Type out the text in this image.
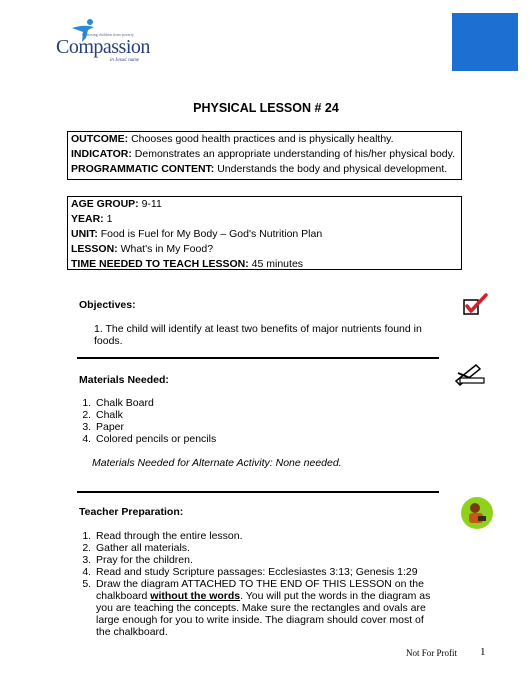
Releasing children from poverty
Compassion
in Jesus' name
PHYSICAL LESSON # 24
OUTCOME: Chooses good health practices and is physically healthy.
INDICATOR: Demonstrates an appropriate understanding of his/her physical body.
PROGRAMMATIC CONTENT: Understands the body and physical development.
AGE GROUP: 9-11
YEAR: 1
UNIT: Food is Fuel for My Body – God's Nutrition Plan
LESSON: What's in My Food?
TIME NEEDED TO TEACH LESSON: 45 minutes
Objectives:
1. The child will identify at least two benefits of major nutrients found in foods.
Materials Needed:
1. Chalk Board
2. Chalk
3. Paper
4. Colored pencils or pencils
Materials Needed for Alternate Activity: None needed.
Teacher Preparation:
1. Read through the entire lesson.
2. Gather all materials.
3. Pray for the children.
4. Read and study Scripture passages: Ecclesiastes 3:13; Genesis 1:29
5. Draw the diagram ATTACHED TO THE END OF THIS LESSON on the chalkboard without the words. You will put the words in the diagram as you are teaching the concepts. Make sure the rectangles and ovals are large enough for you to write inside. The diagram should cover most of the chalkboard.
Not For Profit 1
